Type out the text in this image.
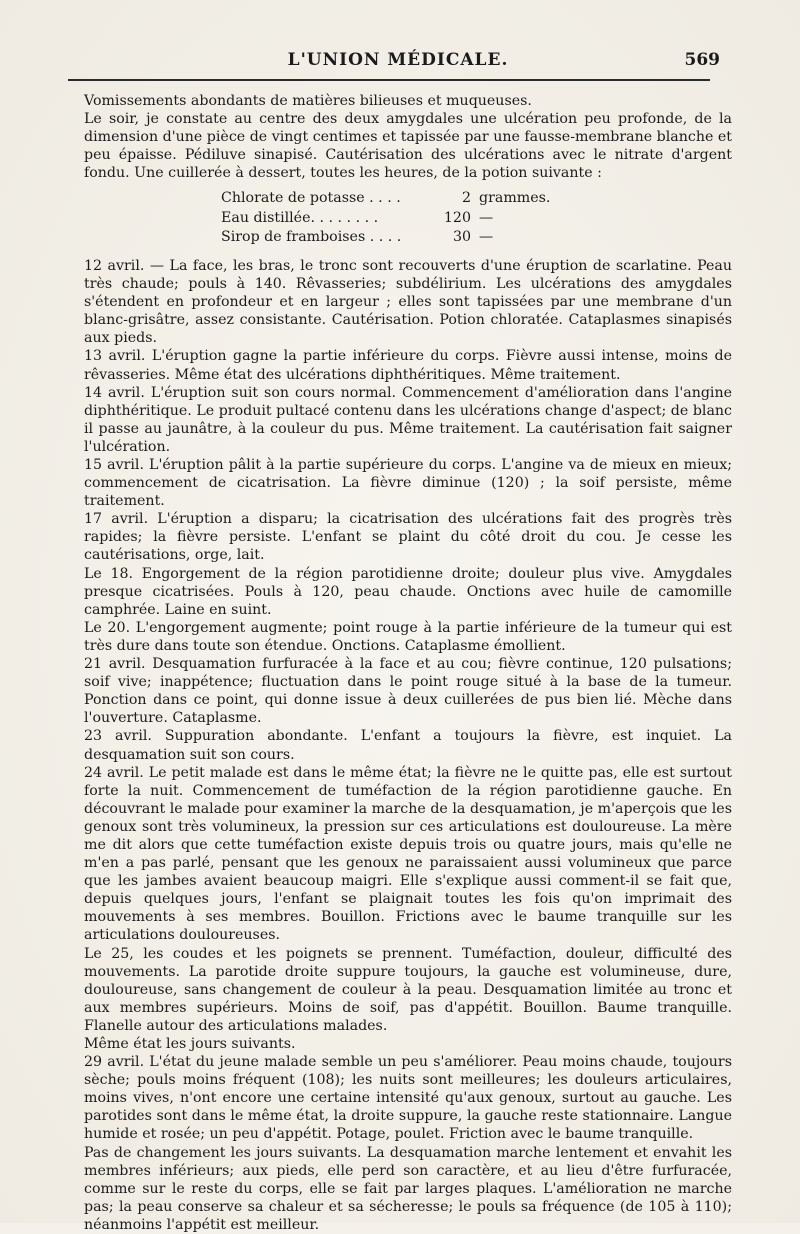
L'UNION MÉDICALE.	569

Vomissements abondants de matières bilieuses et muqueuses.

Le soir, je constate au centre des deux amygdales une ulcération peu profonde, de la dimension d'une pièce de vingt centimes et tapissée par une fausse-membrane blanche et peu épaisse. Pédiluve sinapisé. Cautérisation des ulcérations avec le nitrate d'argent fondu. Une cuillerée à dessert, toutes les heures, de la potion suivante :

Chlorate de potasse . . . .	2	grammes.
Eau distillée. . . . . . . .	120	—
Sirop de framboises . . . .	30	—

12 avril. — La face, les bras, le tronc sont recouverts d'une éruption de scarlatine. Peau très chaude; pouls à 140. Rêvasseries; subdélirium. Les ulcérations des amygdales s'étendent en profondeur et en largeur ; elles sont tapissées par une membrane d'un blanc-grisâtre, assez consistante. Cautérisation. Potion chloratée. Cataplasmes sinapisés aux pieds.

13 avril. L'éruption gagne la partie inférieure du corps. Fièvre aussi intense, moins de rêvasseries. Même état des ulcérations diphthéritiques. Même traitement.

14 avril. L'éruption suit son cours normal. Commencement d'amélioration dans l'angine diphthéritique. Le produit pultacé contenu dans les ulcérations change d'aspect; de blanc il passe au jaunâtre, à la couleur du pus. Même traitement. La cautérisation fait saigner l'ulcération.

15 avril. L'éruption pâlit à la partie supérieure du corps. L'angine va de mieux en mieux; commencement de cicatrisation. La fièvre diminue (120) ; la soif persiste, même traitement.

17 avril. L'éruption a disparu; la cicatrisation des ulcérations fait des progrès très rapides; la fièvre persiste. L'enfant se plaint du côté droit du cou. Je cesse les cautérisations, orge, lait.

Le 18. Engorgement de la région parotidienne droite; douleur plus vive. Amygdales presque cicatrisées. Pouls à 120, peau chaude. Onctions avec huile de camomille camphrée. Laine en suint.

Le 20. L'engorgement augmente; point rouge à la partie inférieure de la tumeur qui est très dure dans toute son étendue. Onctions. Cataplasme émollient.

21 avril. Desquamation furfuracée à la face et au cou; fièvre continue, 120 pulsations; soif vive; inappétence; fluctuation dans le point rouge situé à la base de la tumeur. Ponction dans ce point, qui donne issue à deux cuillerées de pus bien lié. Mèche dans l'ouverture. Cataplasme.

23 avril. Suppuration abondante. L'enfant a toujours la fièvre, est inquiet. La desquamation suit son cours.

24 avril. Le petit malade est dans le même état; la fièvre ne le quitte pas, elle est surtout forte la nuit. Commencement de tuméfaction de la région parotidienne gauche. En découvrant le malade pour examiner la marche de la desquamation, je m'aperçois que les genoux sont très volumineux, la pression sur ces articulations est douloureuse. La mère me dit alors que cette tuméfaction existe depuis trois ou quatre jours, mais qu'elle ne m'en a pas parlé, pensant que les genoux ne paraissaient aussi volumineux que parce que les jambes avaient beaucoup maigri. Elle s'explique aussi comment-il se fait que, depuis quelques jours, l'enfant se plaignait toutes les fois qu'on imprimait des mouvements à ses membres. Bouillon. Frictions avec le baume tranquille sur les articulations douloureuses.

Le 25, les coudes et les poignets se prennent. Tuméfaction, douleur, difficulté des mouvements. La parotide droite suppure toujours, la gauche est volumineuse, dure, douloureuse, sans changement de couleur à la peau. Desquamation limitée au tronc et aux membres supérieurs. Moins de soif, pas d'appétit. Bouillon. Baume tranquille. Flanelle autour des articulations malades.

Même état les jours suivants.

29 avril. L'état du jeune malade semble un peu s'améliorer. Peau moins chaude, toujours sèche; pouls moins fréquent (108); les nuits sont meilleures; les douleurs articulaires, moins vives, n'ont encore une certaine intensité qu'aux genoux, surtout au gauche. Les parotides sont dans le même état, la droite suppure, la gauche reste stationnaire. Langue humide et rosée; un peu d'appétit. Potage, poulet. Friction avec le baume tranquille.

Pas de changement les jours suivants. La desquamation marche lentement et envahit les membres inférieurs; aux pieds, elle perd son caractère, et au lieu d'être furfuracée, comme sur le reste du corps, elle se fait par larges plaques. L'amélioration ne marche pas; la peau conserve sa chaleur et sa sécheresse; le pouls sa fréquence (de 105 à 110); néanmoins l'appétit est meilleur.
